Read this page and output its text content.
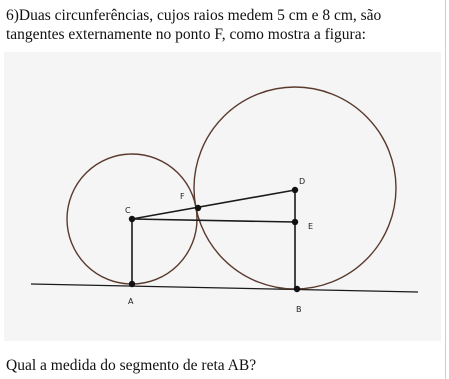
6)Duas circunferências, cujos raios medem 5 cm e 8 cm, são

tangentes externamente no ponto F, como mostra a figura:

C
A
F
D
E
B
Qual a medida do segmento de reta AB?
